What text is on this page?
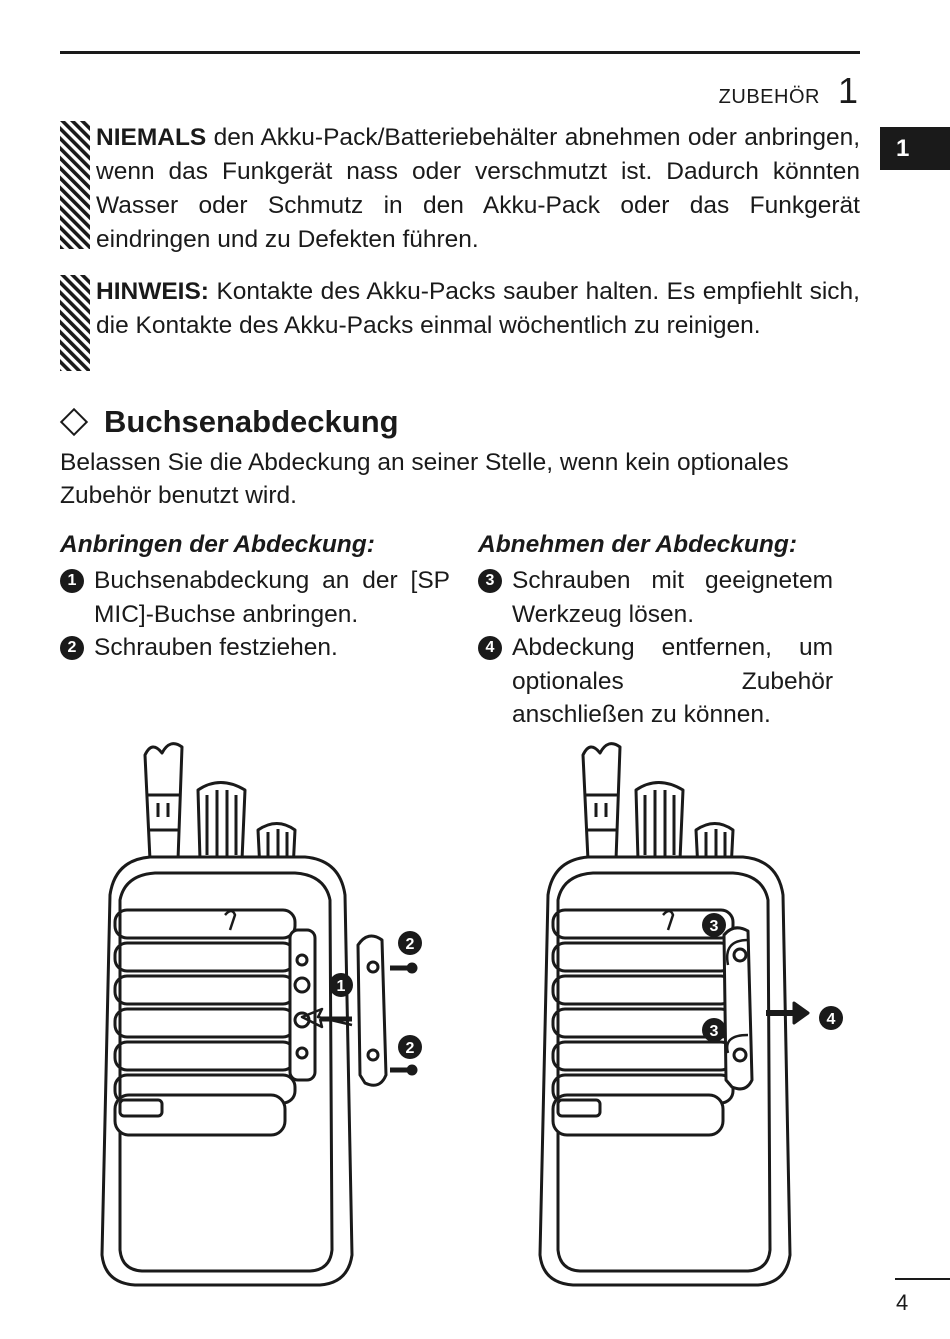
ZUBEHÖR 1
1

NIEMALS den Akku-Pack/Batteriebehälter abnehmen oder anbringen, wenn das Funkgerät nass oder verschmutzt ist. Dadurch könnten Wasser oder Schmutz in den Akku-Pack oder das Funkgerät eindringen und zu Defekten führen.

HINWEIS: Kontakte des Akku-Packs sauber halten. Es empfiehlt sich, die Kontakte des Akku-Packs einmal wöchentlich zu reinigen.

Buchsenabdeckung

Belassen Sie die Abdeckung an seiner Stelle, wenn kein optionales Zubehör benutzt wird.

Anbringen der Abdeckung:
1 Buchsenabdeckung an der [SP MIC]-Buchse anbringen.
2 Schrauben festziehen.
Abnehmen der Abdeckung:
3 Schrauben mit geeignetem Werkzeug lösen.
4 Abdeckung entfernen, um optionales Zubehör anschließen zu können.
2
1
2
3
3
4
4
